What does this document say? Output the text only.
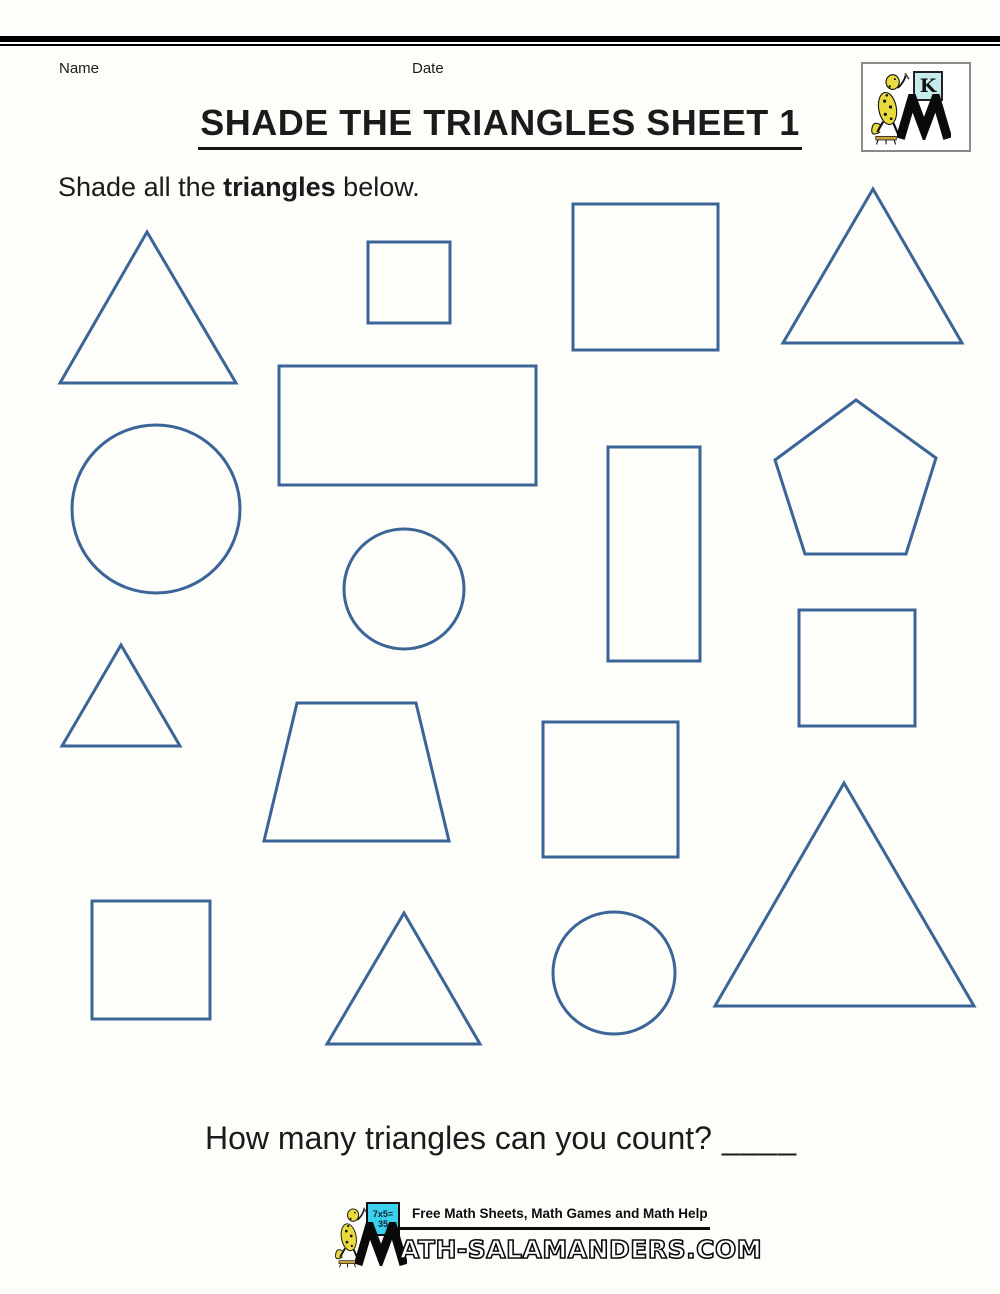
Name	Date
K
SHADE THE TRIANGLES SHEET 1
Shade all the triangles below.
How many triangles can you count? ____
7x5=
35
Free Math Sheets, Math Games and Math Help
ATH-SALAMANDERS.COM
